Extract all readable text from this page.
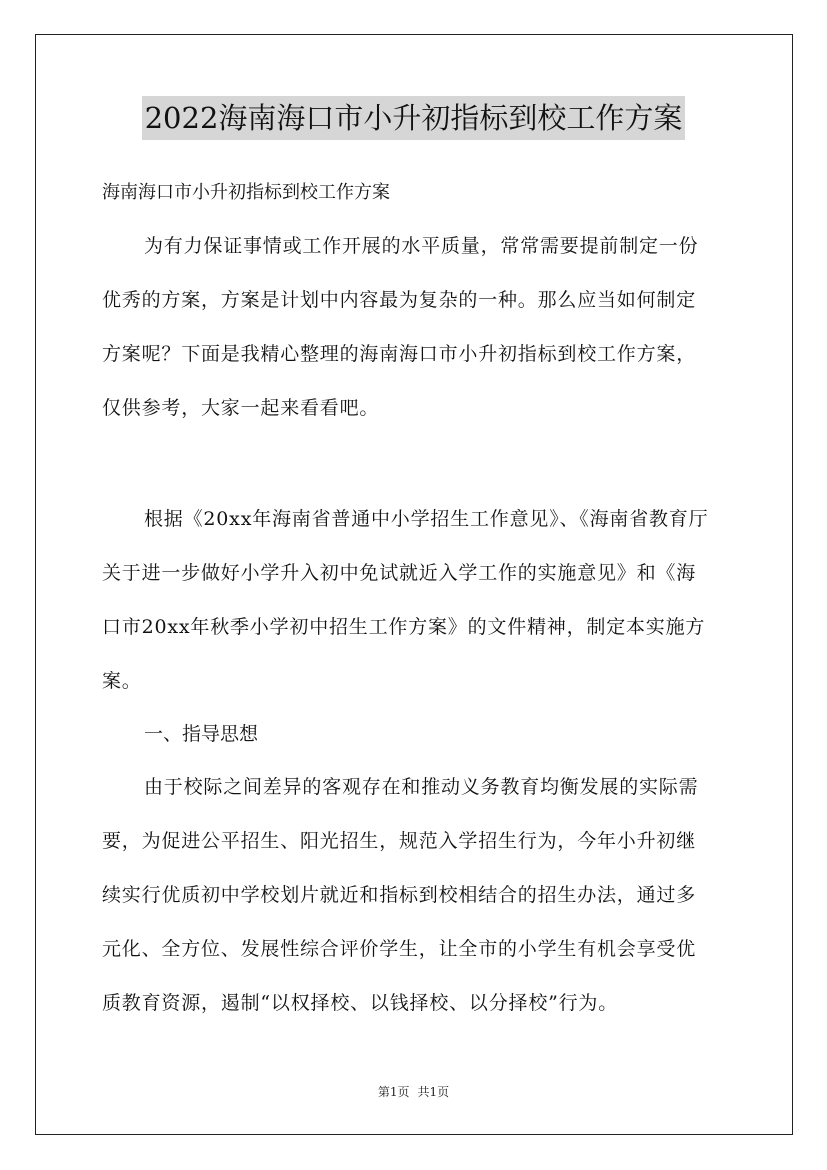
2022海南海口市小升初指标到校工作方案
海南海口市小升初指标到校工作方案
为有力保证事情或工作开展的水平质量，常常需要提前制定一份
优秀的方案，方案是计划中内容最为复杂的一种。那么应当如何制定
方案呢？下面是我精心整理的海南海口市小升初指标到校工作方案，
仅供参考，大家一起来看看吧。
根据《20xx年海南省普通中小学招生工作意见》、《海南省教育厅
关于进一步做好小学升入初中免试就近入学工作的实施意见》和《海
口市20xx年秋季小学初中招生工作方案》的文件精神，制定本实施方
案。
一、指导思想
由于校际之间差异的客观存在和推动义务教育均衡发展的实际需
要，为促进公平招生、阳光招生，规范入学招生行为，今年小升初继
续实行优质初中学校划片就近和指标到校相结合的招生办法，通过多
元化、全方位、发展性综合评价学生，让全市的小学生有机会享受优
质教育资源，遏制“以权择校、以钱择校、以分择校”行为。
第1页 共1页
